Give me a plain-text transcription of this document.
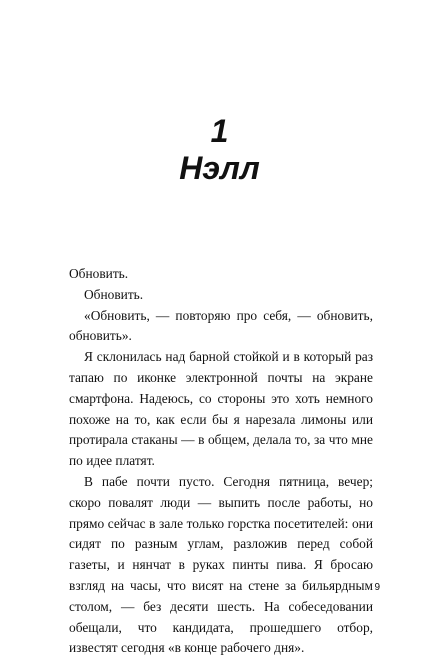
1
Нэлл

Обновить.

Обновить.

«Обновить, — повторяю про себя, — обновить, обновить».

Я склонилась над барной стойкой и в который раз тапаю по иконке электронной почты на экране смартфона. Надеюсь, со стороны это хоть немного похоже на то, как если бы я нарезала лимоны или протирала стаканы — в общем, делала то, за что мне по идее платят.

В пабе почти пусто. Сегодня пятница, вечер; скоро повалят люди — выпить после работы, но прямо сейчас в зале только горстка посетителей: они сидят по разным углам, разложив перед собой газеты, и нянчат в руках пинты пива. Я бросаю взгляд на часы, что висят на стене за бильярдным столом, — без десяти шесть. На собеседовании обещали, что кандидата, прошедшего отбор, известят сегодня «в конце рабочего дня».

9
